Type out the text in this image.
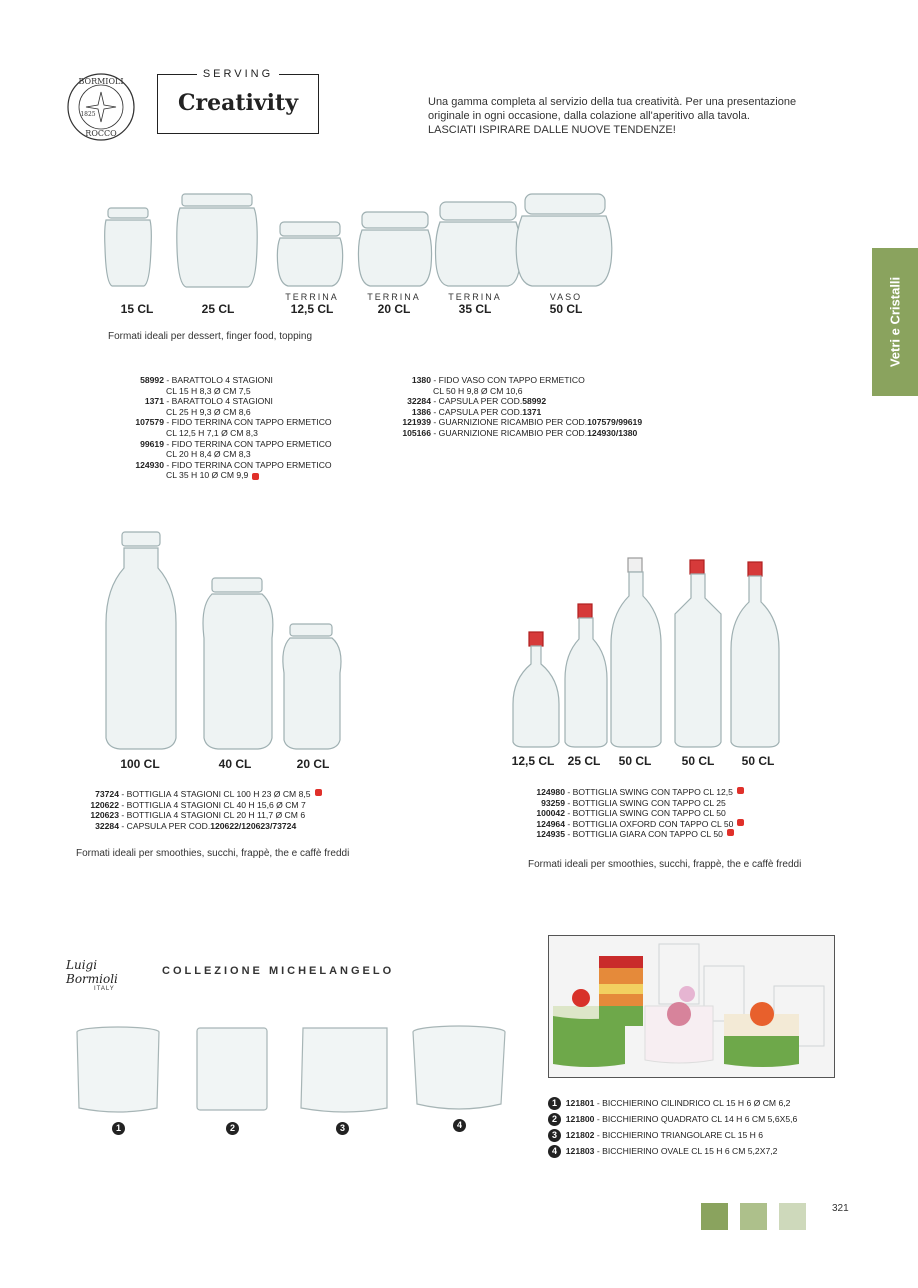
BORMIOLI
ROCCO
1825
SERVING
Creativity	Una gamma completa al servizio della tua creatività. Per una presentazione
originale in ogni occasione, dalla colazione all'aperitivo alla tavola.
LASCIATI ISPIRARE DALLE NUOVE TENDENZE!
Vetri e Cristalli
15 CL	25 CL
TERRINA
12,5 CL
TERRINA
20 CL
TERRINA
35 CL
VASO
50 CL
Formati ideali per dessert, finger food, topping
58992 - BARATTOLO 4 STAGIONI
CL 15 H 8,3 Ø CM 7,5
1371 - BARATTOLO 4 STAGIONI
CL 25 H 9,3 Ø CM 8,6
107579 - FIDO TERRINA CON TAPPO ERMETICO
CL 12,5 H 7,1 Ø CM 8,3
99619 - FIDO TERRINA CON TAPPO ERMETICO
CL 20 H 8,4 Ø CM 8,3
124930 - FIDO TERRINA CON TAPPO ERMETICO
CL 35 H 10 Ø CM 9,9
1380 - FIDO VASO CON TAPPO ERMETICO
CL 50 H 9,8 Ø CM 10,6
32284 - CAPSULA PER COD. 58992
1386 - CAPSULA PER COD. 1371
121939 - GUARNIZIONE RICAMBIO PER COD. 107579/99619
105166 - GUARNIZIONE RICAMBIO PER COD. 124930/1380
100 CL	40 CL	20 CL
73724 - BOTTIGLIA 4 STAGIONI CL 100 H 23 Ø CM 8,5
120622 - BOTTIGLIA 4 STAGIONI CL 40 H 15,6 Ø CM 7
120623 - BOTTIGLIA 4 STAGIONI CL 20 H 11,7 Ø CM 6
32284 - CAPSULA PER COD. 120622/120623/73724
Formati ideali per smoothies, succhi, frappè, the e caffè freddi
12,5 CL	25 CL	50 CL	50 CL	50 CL
124980 - BOTTIGLIA SWING CON TAPPO CL 12,5
93259 - BOTTIGLIA SWING CON TAPPO CL 25
100042 - BOTTIGLIA SWING CON TAPPO CL 50
124964 - BOTTIGLIA OXFORD CON TAPPO CL 50
124935 - BOTTIGLIA GIARA CON TAPPO CL 50
Formati ideali per smoothies, succhi, frappè, the e caffè freddi
Luigi Bormioli
ITALY
COLLEZIONE MICHELANGELO
1	2	3	4
1
	121801 - BICCHIERINO CILINDRICO CL 15 H 6 Ø CM 6,2
2
	121800 - BICCHIERINO QUADRATO CL 14 H 6 CM 5,6X5,6
3
	121802 - BICCHIERINO TRIANGOLARE CL 15 H 6
4
	121803 - BICCHIERINO OVALE CL 15 H 6 CM 5,2X7,2
321
